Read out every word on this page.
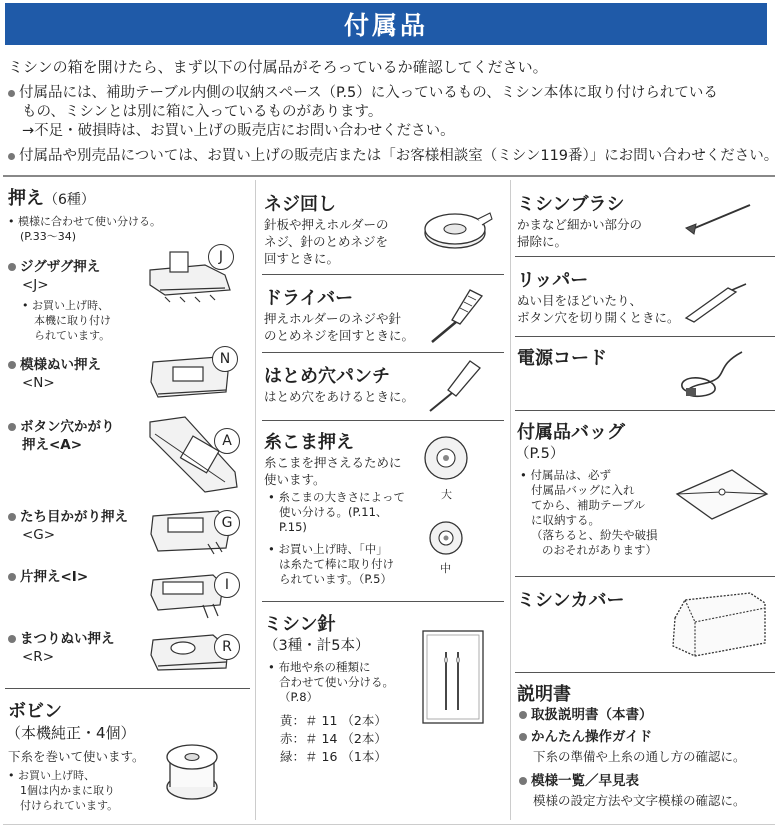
付属品
ミシンの箱を開けたら、まず以下の付属品がそろっているか確認してください。
付属品には、補助テーブル内側の収納スペース（P.5）に入っているもの、ミシン本体に取り付けられている
もの、ミシンとは別に箱に入っているものがあります。
→不足・破損時は、お買い上げの販売店にお問い合わせください。
付属品や別売品については、お買い上げの販売店または「お客様相談室（ミシン119番）」にお問い合わせください。
押え（6種）
• 模様に合わせて使い分ける。
(P.33～34)
ジグザグ押え
<J>
• お買い上げ時、
本機に取り付け
られています。
J
模様ぬい押え
<N>
N
ボタン穴かがり
押え<A>	A
たち目かがり押え
<G>
G
片押え<I>	I
まつりぬい押え
<R>
R
ボビン
（本機純正・4個）
下糸を巻いて使います。
• お買い上げ時、
1個は内かまに取り
付けられています。
ネジ回し
針板や押えホルダーの
ネジ、針のとめネジを
回すときに。
ドライバー
押えホルダーのネジや針
のとめネジを回すときに。
はとめ穴パンチ
はとめ穴をあけるときに。
糸こま押え
糸こまを押さえるために
使います。
• 糸こまの大きさによって
使い分ける。(P.11、
P.15)
• お買い上げ時、「中」
は糸たて棒に取り付け
られています。（P.5）
大
中
ミシン針
（3種・計5本）
• 布地や糸の種類に
合わせて使い分ける。
（P.8）
黄：＃ 11 （2本）
赤：＃ 14 （2本）
緑：＃ 16 （1本）
ミシンブラシ
かまなど細かい部分の
掃除に。
リッパー
ぬい目をほどいたり、
ボタン穴を切り開くときに。
電源コード
付属品バッグ
（P.5）
• 付属品は、必ず
付属品バッグに入れ
てから、補助テーブル
に収納する。
（落ちると、紛失や破損
のおそれがあります）
ミシンカバー
説明書
取扱説明書（本書）
かんたん操作ガイド
下糸の準備や上糸の通し方の確認に。
模様一覧／早見表
模様の設定方法や文字模様の確認に。
